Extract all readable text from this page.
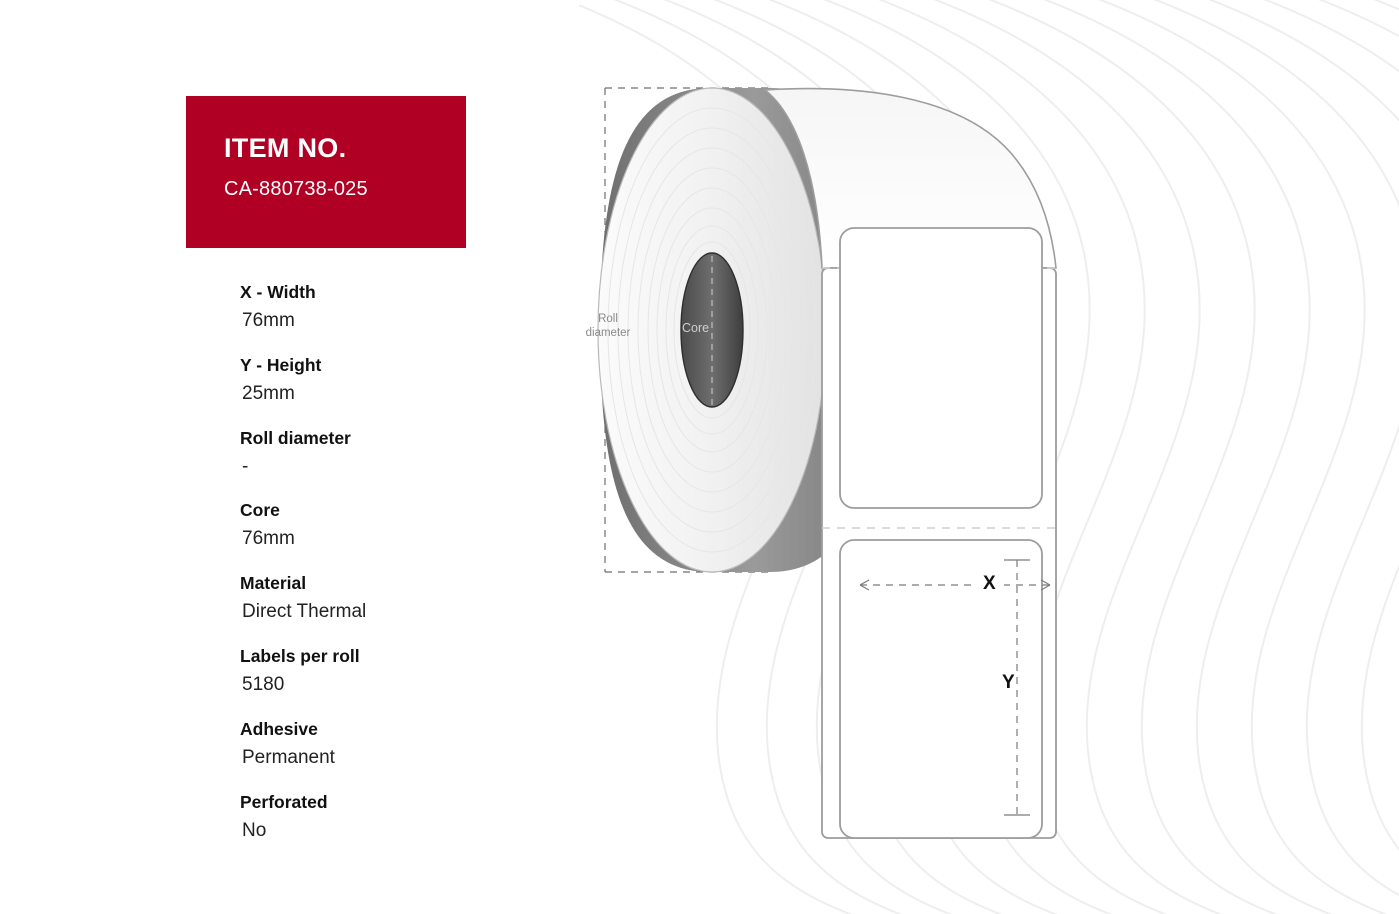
ITEM NO.
CA-880738-025
X - Width
76mm
Y - Height
25mm
Roll diameter
-
Core
76mm
Material
Direct Thermal
Labels per roll
5180
Adhesive
Permanent
Perforated
No
X
Y
Core
Roll
diameter
